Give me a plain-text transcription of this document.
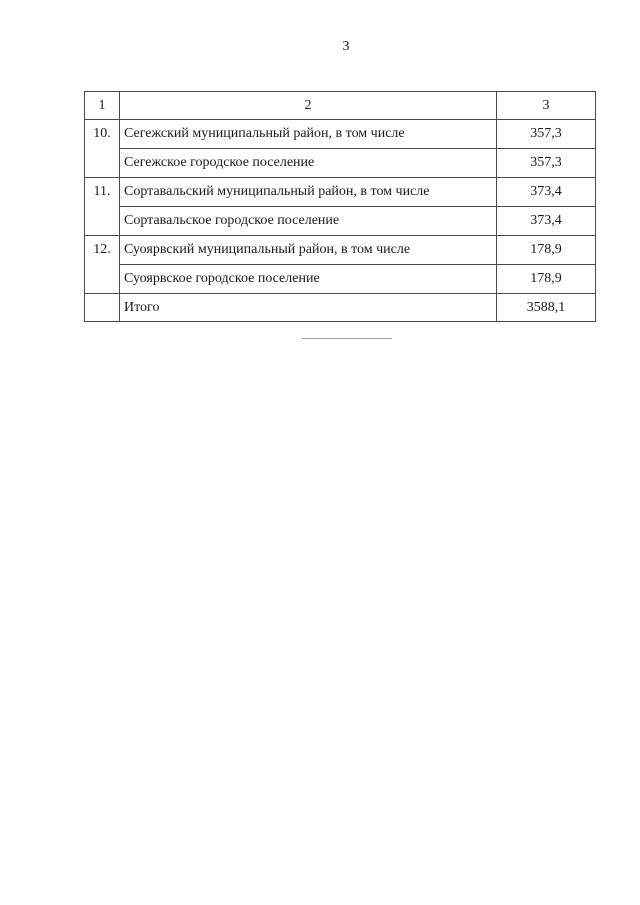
3
1	2	3
10.	Сегежский муниципальный район, в том числе	357,3
	Сегежское городское поселение	357,3
11.	Сортавальский муниципальный район, в том числе	373,4
	Сортавальское городское поселение	373,4
12.	Суоярвский муниципальный район, в том числе	178,9
	Суоярвское городское поселение	178,9
	Итого	3588,1
